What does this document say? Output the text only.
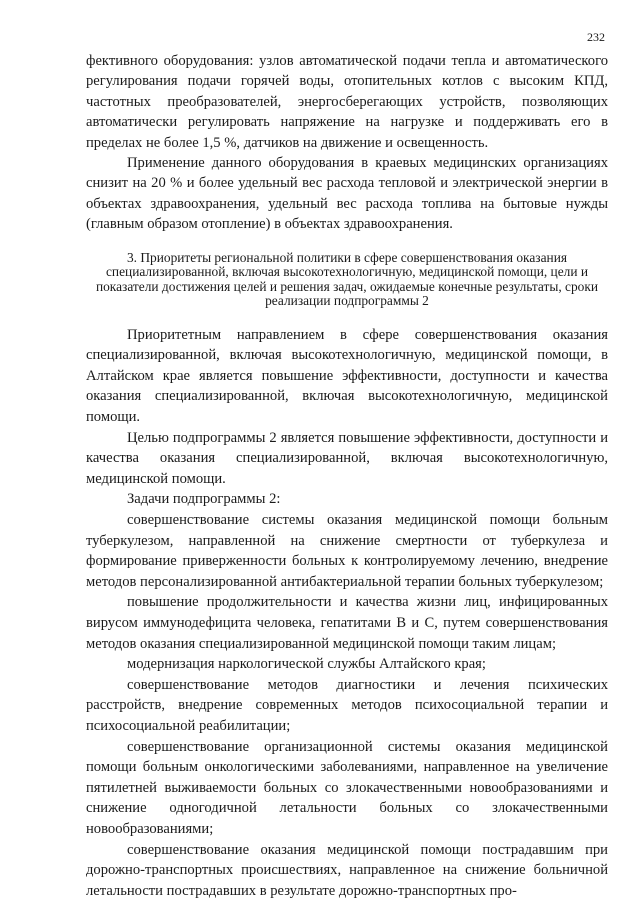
232

фективного оборудования: узлов автоматической подачи тепла и автоматического регулирования подачи горячей воды, отопительных котлов с высоким КПД, частотных преобразователей, энергосберегающих устройств, позволяющих автоматически регулировать напряжение на нагрузке и поддерживать его в пределах не более 1,5 %, датчиков на движение и освещенность.

Применение данного оборудования в краевых медицинских организациях снизит на 20 % и более удельный вес расхода тепловой и электрической энергии в объектах здравоохранения, удельный вес расхода топлива на бытовые нужды (главным образом отопление) в объектах здравоохранения.

3. Приоритеты региональной политики в сфере совершенствования оказания специализированной, включая высокотехнологичную, медицинской помощи, цели и показатели достижения целей и решения задач, ожидаемые конечные результаты, сроки реализации подпрограммы 2

Приоритетным направлением в сфере совершенствования оказания специализированной, включая высокотехнологичную, медицинской помощи, в Алтайском крае является повышение эффективности, доступности и качества оказания специализированной, включая высокотехнологичную, медицинской помощи.

Целью подпрограммы 2 является повышение эффективности, доступности и качества оказания специализированной, включая высокотехнологичную, медицинской помощи.

Задачи подпрограммы 2:

совершенствование системы оказания медицинской помощи больным туберкулезом, направленной на снижение смертности от туберкулеза и формирование приверженности больных к контролируемому лечению, внедрение методов персонализированной антибактериальной терапии больных туберкулезом;

повышение продолжительности и качества жизни лиц, инфицированных вирусом иммунодефицита человека, гепатитами В и С, путем совершенствования методов оказания специализированной медицинской помощи таким лицам;

модернизация наркологической службы Алтайского края;

совершенствование методов диагностики и лечения психических расстройств, внедрение современных методов психосоциальной терапии и психосоциальной реабилитации;

совершенствование организационной системы оказания медицинской помощи больным онкологическими заболеваниями, направленное на увеличение пятилетней выживаемости больных со злокачественными новообразованиями и снижение одногодичной летальности больных со злокачественными новообразованиями;

совершенствование оказания медицинской помощи пострадавшим при дорожно-транспортных происшествиях, направленное на снижение больничной летальности пострадавших в результате дорожно-транспортных про-
